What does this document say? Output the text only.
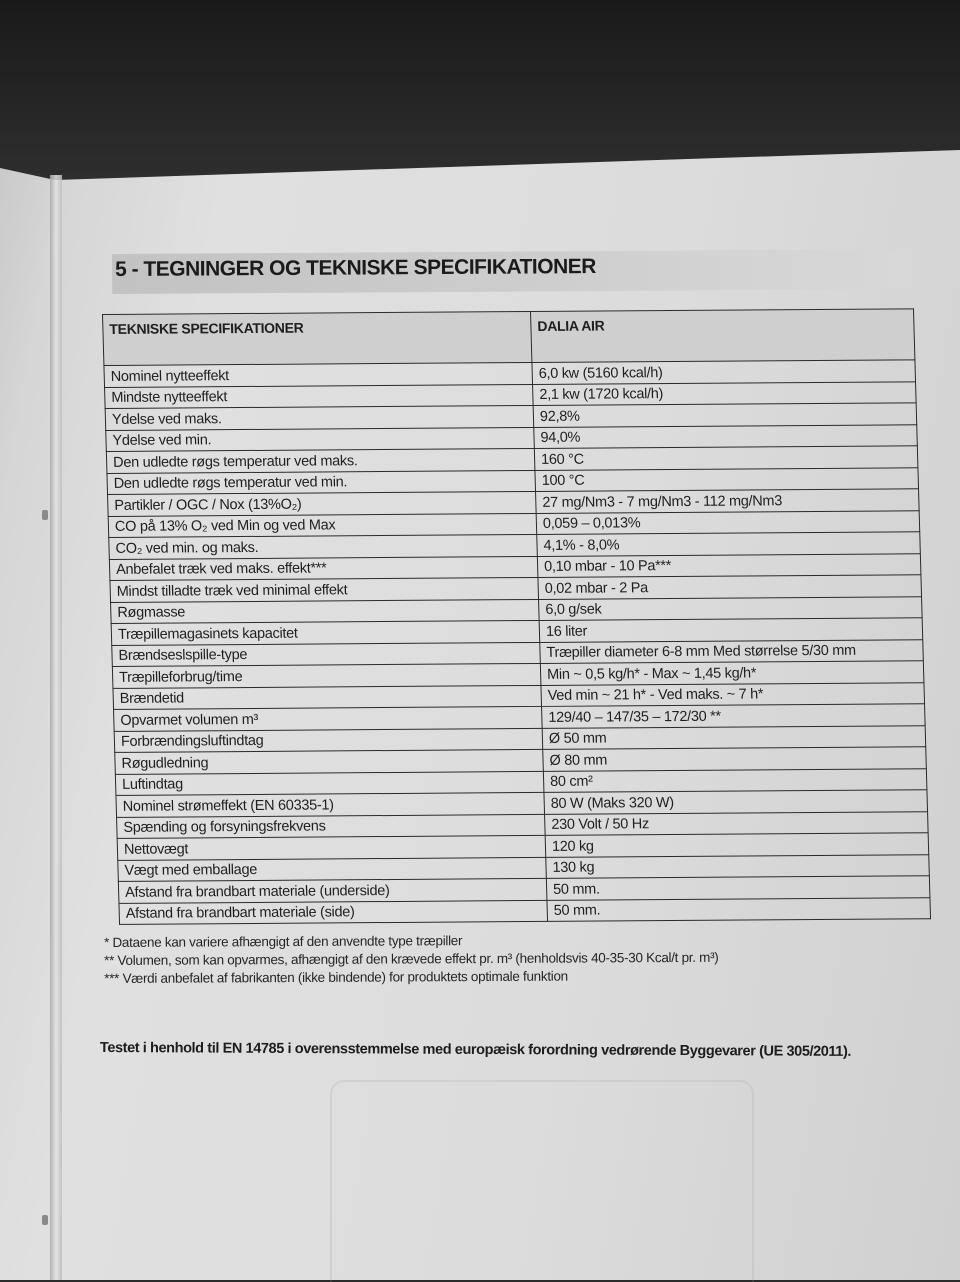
5 - TEGNINGER OG TEKNISKE SPECIFIKATIONER
TEKNISKE SPECIFIKATIONER	DALIA AIR
Nominel nytteeffekt	6,0 kw (5160 kcal/h)
Mindste nytteeffekt	2,1 kw (1720 kcal/h)
Ydelse ved maks.	92,8%
Ydelse ved min.	94,0%
Den udledte røgs temperatur ved maks.	160 °C
Den udledte røgs temperatur ved min.	100 °C
Partikler / OGC / Nox (13%O₂)	27 mg/Nm3 - 7 mg/Nm3 - 112 mg/Nm3
CO på 13% O₂ ved Min og ved Max	0,059 – 0,013%
CO₂ ved min. og maks.	4,1% - 8,0%
Anbefalet træk ved maks. effekt***	0,10 mbar - 10 Pa***
Mindst tilladte træk ved minimal effekt	0,02 mbar - 2 Pa
Røgmasse	6,0 g/sek
Træpillemagasinets kapacitet	16 liter
Brændseslspille-type	Træpiller diameter 6-8 mm Med størrelse 5/30 mm
Træpilleforbrug/time	Min ~ 0,5 kg/h* - Max ~ 1,45 kg/h*
Brændetid	Ved min ~ 21 h* - Ved maks. ~ 7 h*
Opvarmet volumen m³	129/40 – 147/35 – 172/30 **
Forbrændingsluftindtag	Ø 50 mm
Røgudledning	Ø 80 mm
Luftindtag	80 cm²
Nominel strømeffekt (EN 60335-1)	80 W (Maks 320 W)
Spænding og forsyningsfrekvens	230 Volt / 50 Hz
Nettovægt	120 kg
Vægt med emballage	130 kg
Afstand fra brandbart materiale (underside)	50 mm.
Afstand fra brandbart materiale (side)	50 mm.
* Dataene kan variere afhængigt af den anvendte type træpiller
** Volumen, som kan opvarmes, afhængigt af den krævede effekt pr. m³ (henholdsvis 40-35-30 Kcal/t pr. m³)
*** Værdi anbefalet af fabrikanten (ikke bindende) for produktets optimale funktion
Testet i henhold til EN 14785 i overensstemmelse med europæisk forordning vedrørende Byggevarer (UE 305/2011).
